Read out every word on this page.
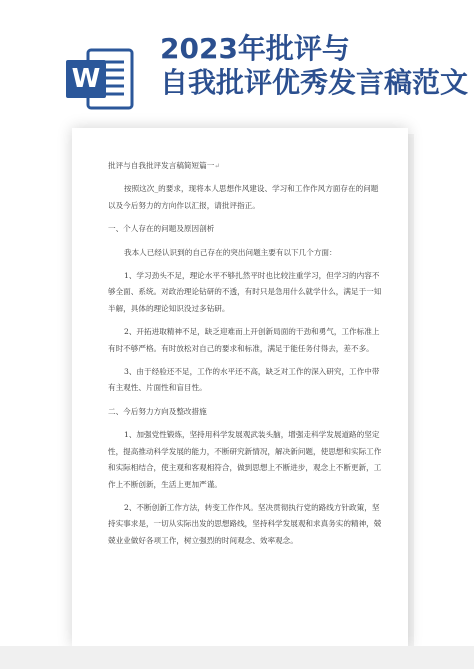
W
2023年批评与
自我批评优秀发言稿范文

批评与自我批评发言稿简短篇一↵

按照这次_的要求，现将本人思想作风建设、学习和工作作风方面存在的问题以及今后努力的方向作以汇报，请批评指正。

一、个人存在的问题及原因剖析

我本人已经认识到的自己存在的突出问题主要有以下几个方面：

1、学习劲头不足，理论水平不够扎然平时也比较注重学习，但学习的内容不够全面、系统。对政治理论钻研的不透，有时只是急用什么就学什么，满足于一知半解，具体的理论知识没过多钻研。

2、开拓进取精神不足，缺乏迎难而上开创新局面的干劲和勇气，工作标准上有时不够严格。有时放松对自己的要求和标准，满足于能任务付得去，差不多。

3、由于经验还不足，工作的水平还不高，缺乏对工作的深入研究，工作中带有主观性、片面性和盲目性。

二、今后努力方向及整改措施

1、加强党性锻炼，坚持用科学发展观武装头脑，增强走科学发展道路的坚定性，提高推动科学发展的能力，不断研究新情况，解决新问题，使思想和实际工作和实际相结合，使主观和客观相符合，做到思想上不断进步，观念上不断更新，工作上不断创新，生活上更加严谨。

2、不断创新工作方法，转变工作作风。坚决贯彻执行党的路线方针政策，坚持实事求是，一切从实际出发的思想路线，坚持科学发展观和求真务实的精神，兢兢业业做好各项工作，树立强烈的时间观念、效率观念。
